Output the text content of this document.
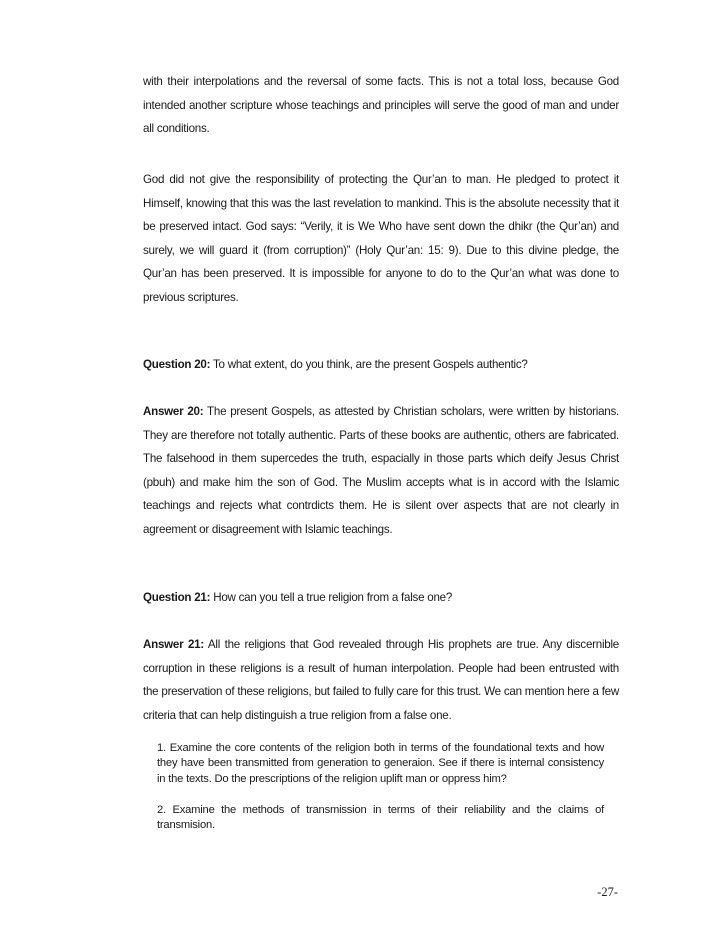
with their interpolations and the reversal of some facts. This is not a total loss, because God intended another scripture whose teachings and principles will serve the good of man and under all conditions.

God did not give the responsibility of protecting the Qur’an to man. He pledged to protect it Himself, knowing that this was the last revelation to mankind. This is the absolute necessity that it be preserved intact. God says: “Verily, it is We Who have sent down the dhikr (the Qur’an) and surely, we will guard it (from corruption)” (Holy Qur’an: 15: 9). Due to this divine pledge, the Qur’an has been preserved. It is impossible for anyone to do to the Qur’an what was done to previous scriptures.

Question 20: To what extent, do you think, are the present Gospels authentic?

Answer 20: The present Gospels, as attested by Christian scholars, were written by historians. They are therefore not totally authentic. Parts of these books are authentic, others are fabricated. The falsehood in them supercedes the truth, espacially in those parts which deify Jesus Christ (pbuh) and make him the son of God. The Muslim accepts what is in accord with the Islamic teachings and rejects what contrdicts them. He is silent over aspects that are not clearly in agreement or disagreement with Islamic teachings.

Question 21: How can you tell a true religion from a false one?

Answer 21: All the religions that God revealed through His prophets are true. Any discernible corruption in these religions is a result of human interpolation. People had been entrusted with the preservation of these religions, but failed to fully care for this trust. We can mention here a few criteria that can help distinguish a true religion from a false one.

1. Examine the core contents of the religion both in terms of the foundational texts and how they have been transmitted from generation to generaion. See if there is internal consistency in the texts. Do the prescriptions of the religion uplift man or oppress him?

2. Examine the methods of transmission in terms of their reliability and the claims of transmision.

-27-
